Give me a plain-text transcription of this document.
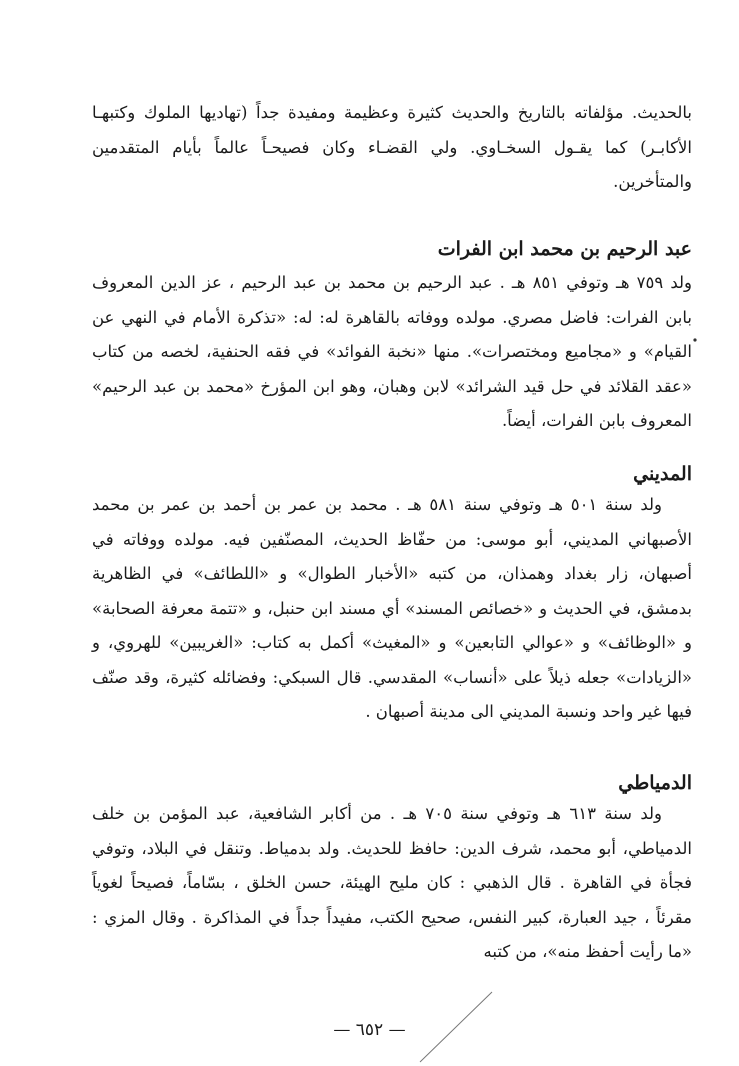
بالحديث. مؤلفاته بالتاريخ والحديث كثيرة وعظيمة ومفيدة جداً (تهاديها الملوك وكتبهـا الأكابـر) كما يقـول السخـاوي. ولي القضـاء وكان فصيحـاً عالماً بأيام المتقدمين والمتأخرين.
عبد الرحيم بن محمد ابن الفرات
ولد ٧٥٩ هـ وتوفي ٨٥١ هـ . عبد الرحيم بن محمد بن عبد الرحيم ، عز الدين المعروف بابن الفرات: فاضل مصري. مولده ووفاته بالقاهرة له: له: «تذكرة الأمام في النهي عن القيام» و «مجاميع ومختصرات». منها «نخبة الفوائد» في فقه الحنفية، لخصه من كتاب «عقد القلائد في حل قيد الشرائد» لابن وهبان، وهو ابن المؤرخ «محمد بن عبد الرحيم» المعروف بابن الفرات، أيضاً.
المديني
ولد سنة ٥٠١ هـ وتوفي سنة ٥٨١ هـ . محمد بن عمر بن أحمد بن عمر بن محمد الأصبهاني المديني، أبو موسى: من حفّاظ الحديث، المصنّفين فيه. مولده ووفاته في أصبهان، زار بغداد وهمذان، من كتبه «الأخبار الطوال» و «اللطائف» في الظاهرية بدمشق، في الحديث و «خصائص المسند» أي مسند ابن حنبل، و «تتمة معرفة الصحابة» و «الوظائف» و «عوالي التابعين» و «المغيث» أكمل به كتاب: «الغريبين» للهروي، و «الزيادات» جعله ذيلاً على «أنساب» المقدسي. قال السبكي: وفضائله كثيرة، وقد صنّف فيها غير واحد ونسبة المديني الى مدينة أصبهان .
الدمياطي
ولد سنة ٦١٣ هـ وتوفي سنة ٧٠٥ هـ . من أكابر الشافعية، عبد المؤمن بن خلف الدمياطي، أبو محمد، شرف الدين: حافظ للحديث. ولد بدمياط. وتنقل في البلاد، وتوفي فجأة في القاهرة . قال الذهبي : كان مليح الهيئة، حسن الخلق ، بسّاماً، فصيحاً لغوياً مقرئاً ، جيد العبارة، كبير النفس، صحيح الكتب، مفيداً جداً في المذاكرة . وقال المزي : «ما رأيت أحفظ منه»، من كتبه
— ٦٥٢ —
